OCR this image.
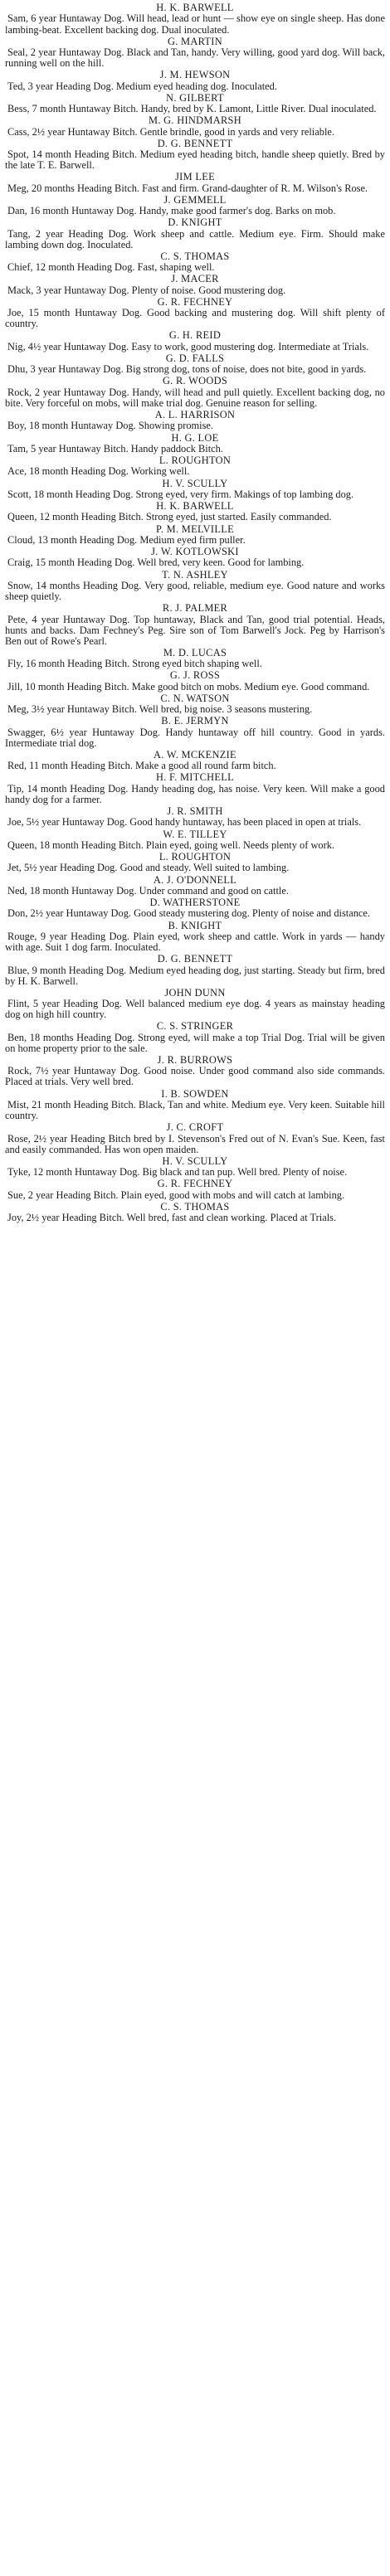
H. K. BARWELL
Sam, 6 year Huntaway Dog. Will head, lead or hunt — show eye on single sheep. Has done lambing-beat. Excellent backing dog. Dual inoculated.
G. MARTIN
Seal, 2 year Huntaway Dog. Black and Tan, handy. Very willing, good yard dog. Will back, running well on the hill.
J. M. HEWSON
Ted, 3 year Heading Dog. Medium eyed heading dog. Inoculated.
N. GILBERT
Bess, 7 month Huntaway Bitch. Handy, bred by K. Lamont, Little River. Dual inoculated.
M. G. HINDMARSH
Cass, 2½ year Huntaway Bitch. Gentle brindle, good in yards and very reliable.
D. G. BENNETT
Spot, 14 month Heading Bitch. Medium eyed heading bitch, handle sheep quietly. Bred by the late T. E. Barwell.
JIM LEE
Meg, 20 months Heading Bitch. Fast and firm. Grand-daughter of R. M. Wilson's Rose.
J. GEMMELL
Dan, 16 month Huntaway Dog. Handy, make good farmer's dog. Barks on mob.
D. KNIGHT
Tang, 2 year Heading Dog. Work sheep and cattle. Medium eye. Firm. Should make lambing down dog. Inoculated.
C. S. THOMAS
Chief, 12 month Heading Dog. Fast, shaping well.
J. MACER
Mack, 3 year Huntaway Dog. Plenty of noise. Good mustering dog.
G. R. FECHNEY
Joe, 15 month Huntaway Dog. Good backing and mustering dog. Will shift plenty of country.
G. H. REID
Nig, 4½ year Huntaway Dog. Easy to work, good mustering dog. Intermediate at Trials.
G. D. FALLS
Dhu, 3 year Huntaway Dog. Big strong dog, tons of noise, does not bite, good in yards.
G. R. WOODS
Rock, 2 year Huntaway Dog. Handy, will head and pull quietly. Excellent backing dog, no bite. Very forceful on mobs, will make trial dog. Genuine reason for selling.
A. L. HARRISON
Boy, 18 month Huntaway Dog. Showing promise.
H. G. LOE
Tam, 5 year Huntaway Bitch. Handy paddock Bitch.
L. ROUGHTON
Ace, 18 month Heading Dog. Working well.
H. V. SCULLY
Scott, 18 month Heading Dog. Strong eyed, very firm. Makings of top lambing dog.
H. K. BARWELL
Queen, 12 month Heading Bitch. Strong eyed, just started. Easily commanded.
P. M. MELVILLE
Cloud, 13 month Heading Dog. Medium eyed firm puller.
J. W. KOTLOWSKI
Craig, 15 month Heading Dog. Well bred, very keen. Good for lambing.
T. N. ASHLEY
Snow, 14 months Heading Dog. Very good, reliable, medium eye. Good nature and works sheep quietly.
R. J. PALMER
Pete, 4 year Huntaway Dog. Top huntaway, Black and Tan, good trial potential. Heads, hunts and backs. Dam Fechney's Peg. Sire son of Tom Barwell's Jock. Peg by Harrison's Ben out of Rowe's Pearl.
M. D. LUCAS
Fly, 16 month Heading Bitch. Strong eyed bitch shaping well.
G. J. ROSS
Jill, 10 month Heading Bitch. Make good bitch on mobs. Medium eye. Good command.
C. N. WATSON
Meg, 3½ year Huntaway Bitch. Well bred, big noise. 3 seasons mustering.
B. E. JERMYN
Swagger, 6½ year Huntaway Dog. Handy huntaway off hill country. Good in yards. Intermediate trial dog.
A. W. MCKENZIE
Red, 11 month Heading Bitch. Make a good all round farm bitch.
H. F. MITCHELL
Tip, 14 month Heading Dog. Handy heading dog, has noise. Very keen. Will make a good handy dog for a farmer.
J. R. SMITH
Joe, 5½ year Huntaway Dog. Good handy huntaway, has been placed in open at trials.
W. E. TILLEY
Queen, 18 month Heading Bitch. Plain eyed, going well. Needs plenty of work.
L. ROUGHTON
Jet, 5½ year Heading Dog. Good and steady. Well suited to lambing.
A. J. O'DONNELL
Ned, 18 month Huntaway Dog. Under command and good on cattle.
D. WATHERSTONE
Don, 2½ year Huntaway Dog. Good steady mustering dog. Plenty of noise and distance.
B. KNIGHT
Rouge, 9 year Heading Dog. Plain eyed, work sheep and cattle. Work in yards — handy with age. Suit 1 dog farm. Inoculated.
D. G. BENNETT
Blue, 9 month Heading Dog. Medium eyed heading dog, just starting. Steady but firm, bred by H. K. Barwell.
JOHN DUNN
Flint, 5 year Heading Dog. Well balanced medium eye dog. 4 years as mainstay heading dog on high hill country.
C. S. STRINGER
Ben, 18 months Heading Dog. Strong eyed, will make a top Trial Dog. Trial will be given on home property prior to the sale.
J. R. BURROWS
Rock, 7½ year Huntaway Dog. Good noise. Under good command also side commands. Placed at trials. Very well bred.
I. B. SOWDEN
Mist, 21 month Heading Bitch. Black, Tan and white. Medium eye. Very keen. Suitable hill country.
J. C. CROFT
Rose, 2½ year Heading Bitch bred by I. Stevenson's Fred out of N. Evan's Sue. Keen, fast and easily commanded. Has won open maiden.
H. V. SCULLY
Tyke, 12 month Huntaway Dog. Big black and tan pup. Well bred. Plenty of noise.
G. R. FECHNEY
Sue, 2 year Heading Bitch. Plain eyed, good with mobs and will catch at lambing.
C. S. THOMAS
Joy, 2½ year Heading Bitch. Well bred, fast and clean working. Placed at Trials.
